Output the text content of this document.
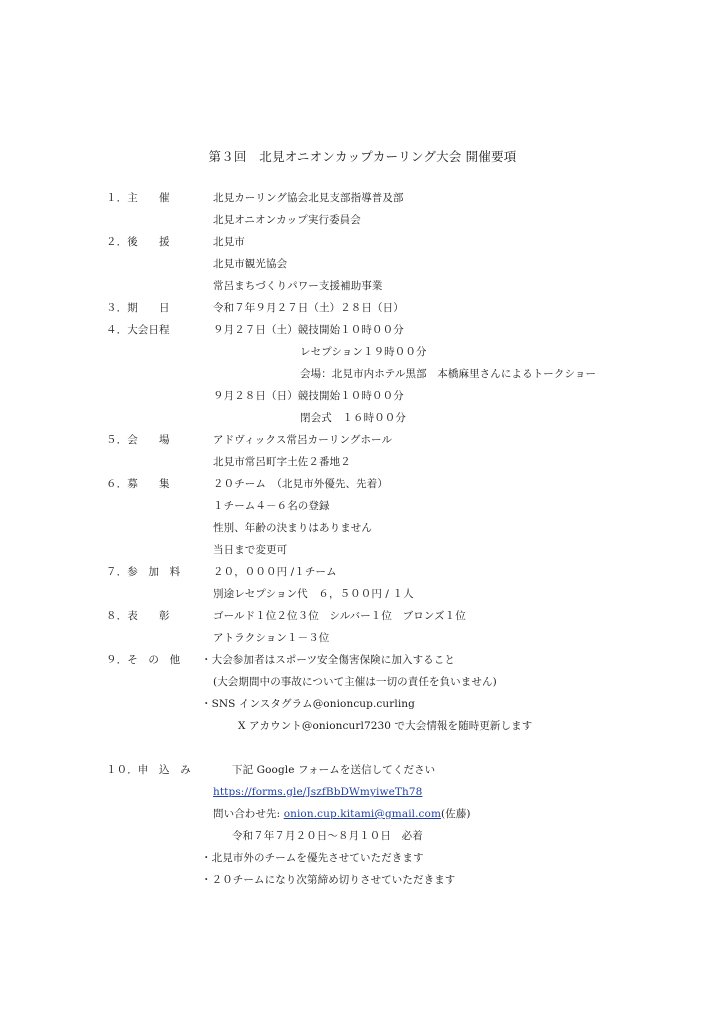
第３回　北見オニオンカップカーリング大会 開催要項
１．主　　催	北見カーリング協会北見支部指導普及部
北見オニオンカップ実行委員会
２．後　　援	北見市
北見市観光協会
常呂まちづくりパワー支援補助事業
３．期　　日	令和７年９月２７日（土）２８日（日）
４．大会日程	９月２７日（土）競技開始１０時００分
レセプション１９時００分
会場：北見市内ホテル黒部　本橋麻里さんによるトークショー
９月２８日（日）競技開始１０時００分
閉会式　１６時００分
５．会　　場	アドヴィックス常呂カーリングホール
北見市常呂町字土佐２番地２
６．募　　集	２０チーム　（北見市外優先、先着）
１チーム４－６名の登録
性別、年齢の決まりはありません
当日まで変更可
７．参　加　料	２０，０００円 /１チーム
別途レセプション代　６，５００円 / １人
８．表　　彰	ゴールド１位２位３位　シルバー１位　ブロンズ１位
アトラクション１－３位
９．そ　の　他 ・大会参加者はスポーツ安全傷害保険に加入すること
(大会期間中の事故について主催は一切の責任を負いません)
・SNS インスタグラム@onioncup.curling
X アカウント@onioncurl7230 で大会情報を随時更新します
１０．申　込　み	下記 Google フォームを送信してください
https://forms.gle/JszfBbDWmyiweTh78
問い合わせ先: onion.cup.kitami@gmail.com(佐藤)
令和７年７月２０日～８月１０日　必着
・北見市外のチームを優先させていただきます
・２０チームになり次第締め切りさせていただきます
